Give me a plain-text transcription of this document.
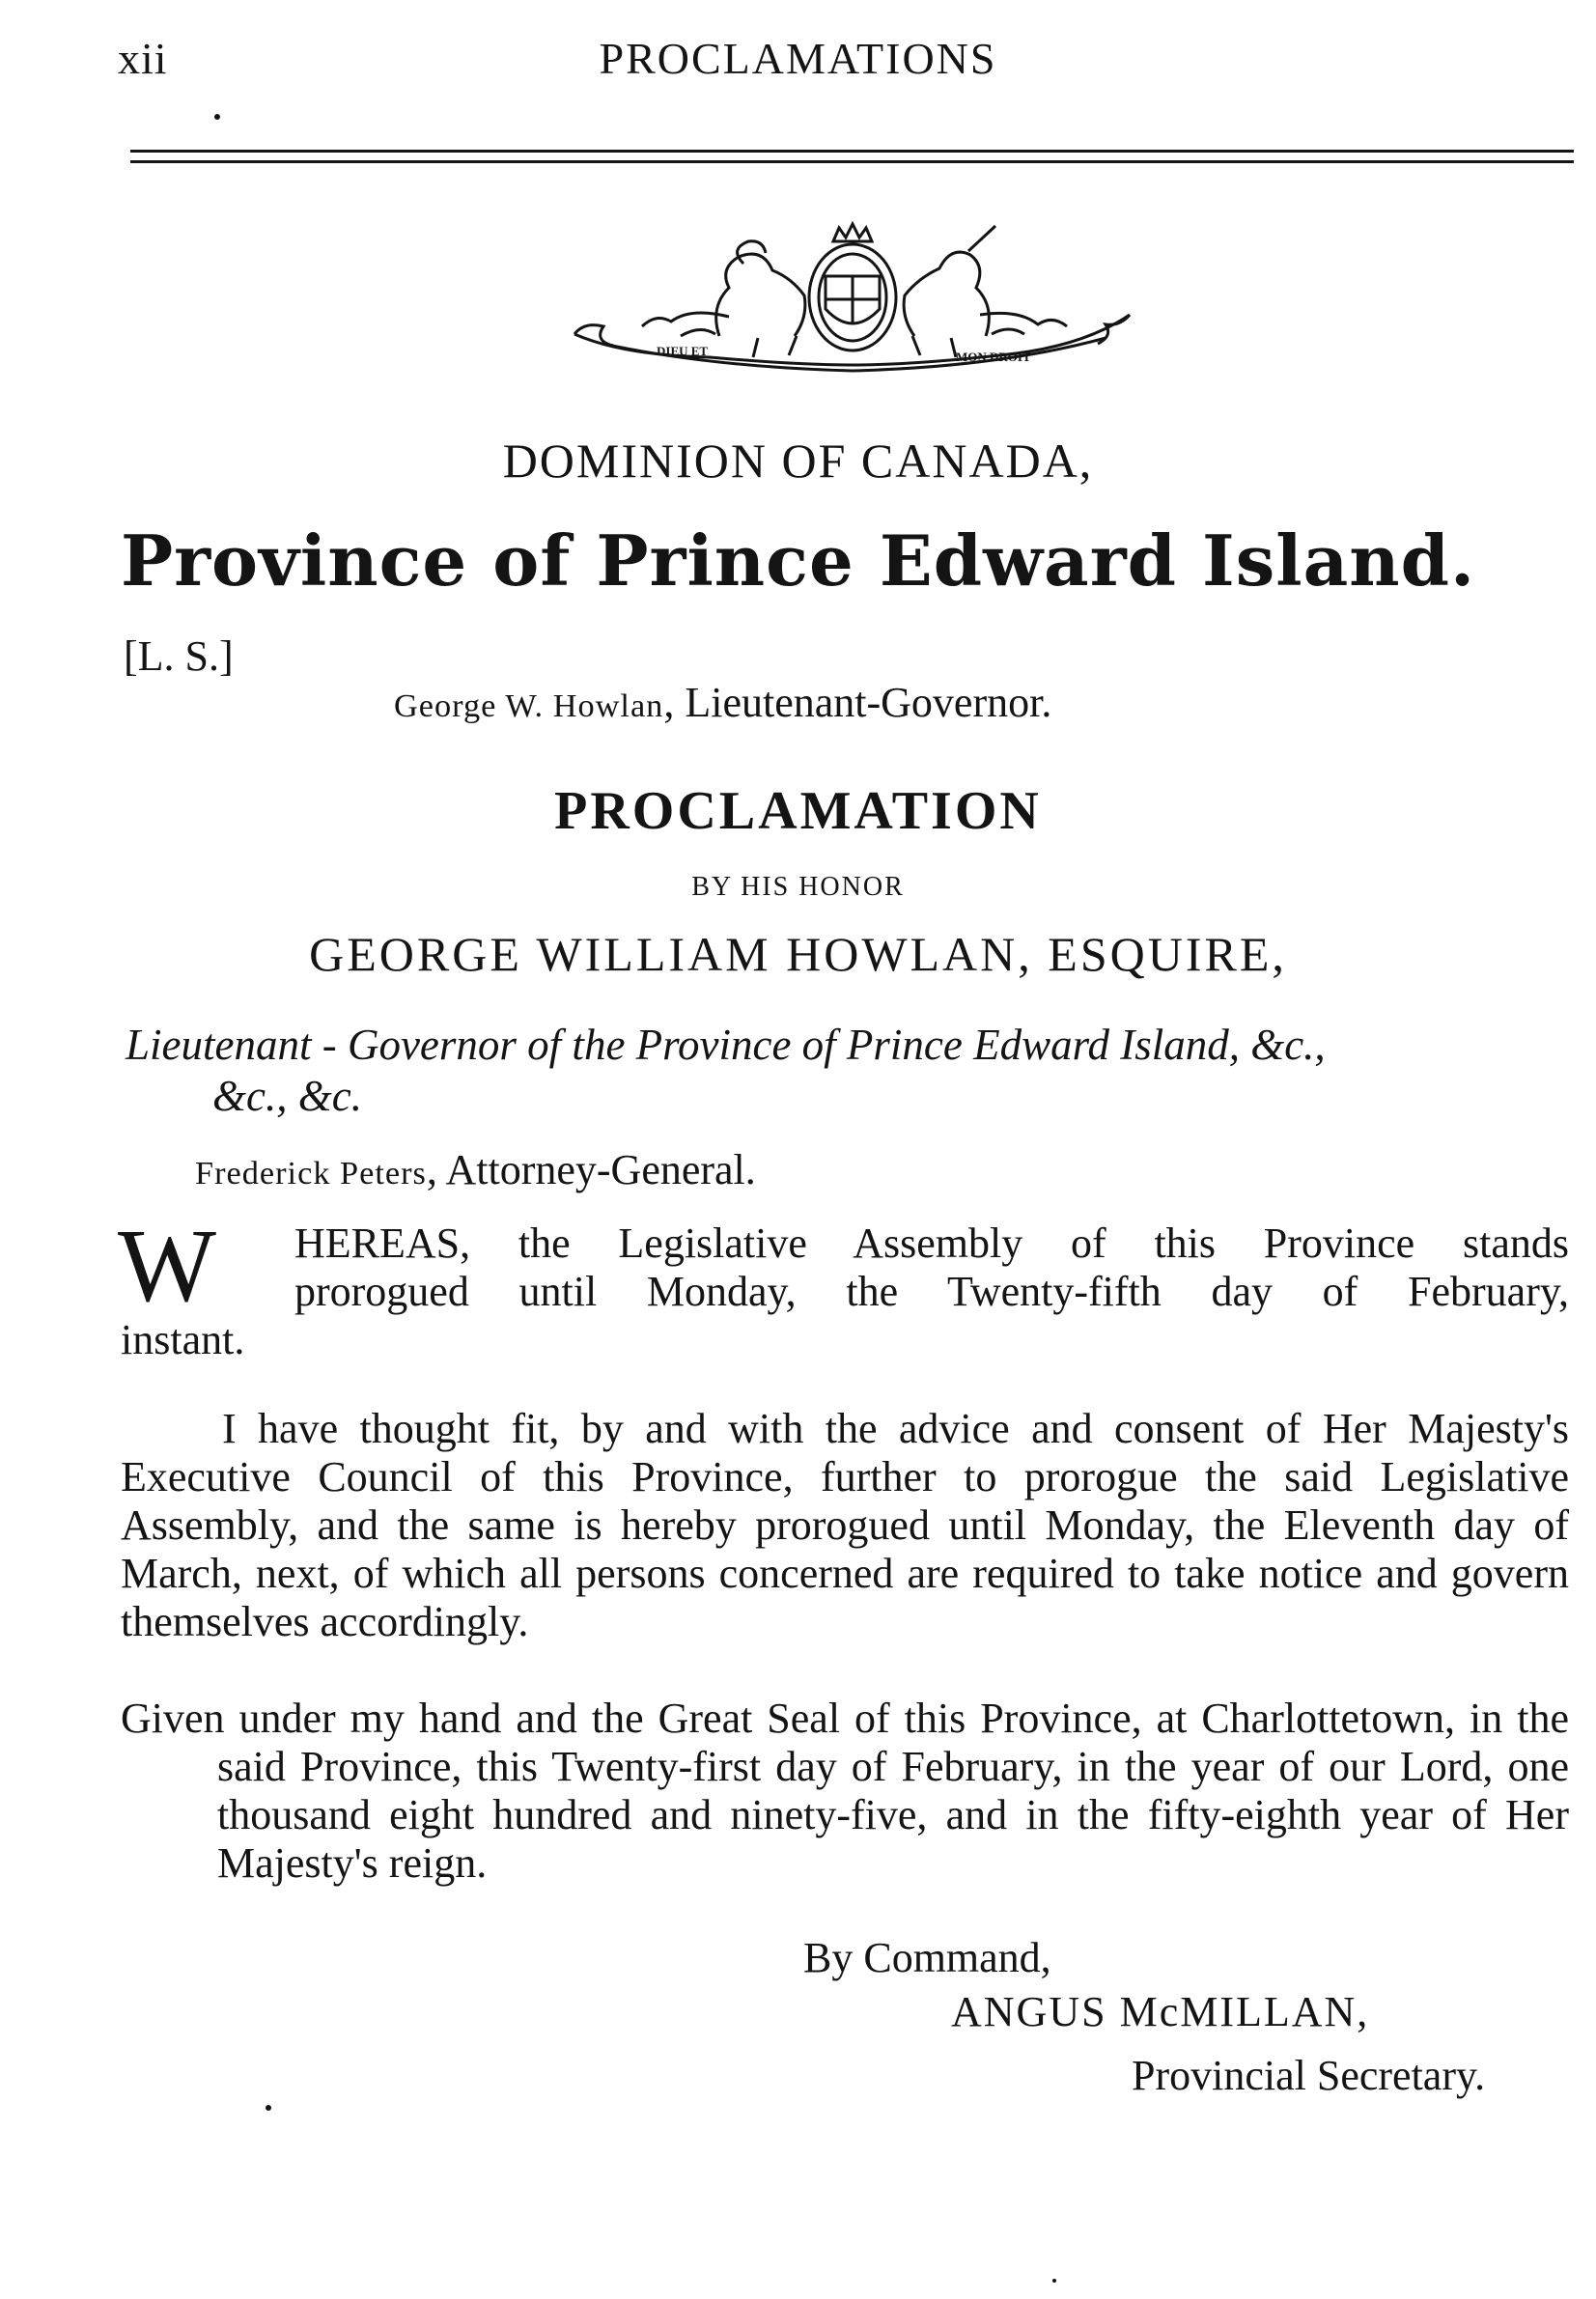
xii	PROCLAMATIONS
DIEU ET	MON DROIT
DOMINION OF CANADA,
Province of Prince Edward Island.
[L. S.]
George W. Howlan, Lieutenant-Governor.
PROCLAMATION
BY HIS HONOR
GEORGE WILLIAM HOWLAN, ESQUIRE,
Lieutenant - Governor of the Province of Prince Edward Island, &c.,
&c., &c.
Frederick Peters, Attorney-General.
W HEREAS, the Legislative Assembly of this Province stands
prorogued until Monday, the Twenty-fifth day of February,
instant.

I have thought fit, by and with the advice and consent of Her Majesty's Executive Council of this Province, further to prorogue the said Legislative Assembly, and the same is hereby prorogued until Monday, the Eleventh day of March, next, of which all persons concerned are required to take notice and govern themselves accordingly.

Given under my hand and the Great Seal of this Province, at Charlottetown, in the said Province, this Twenty-first day of February, in the year of our Lord, one thousand eight hundred and ninety-five, and in the fifty-eighth year of Her Majesty's reign.

By Command,
ANGUS McMILLAN,
Provincial Secretary.
